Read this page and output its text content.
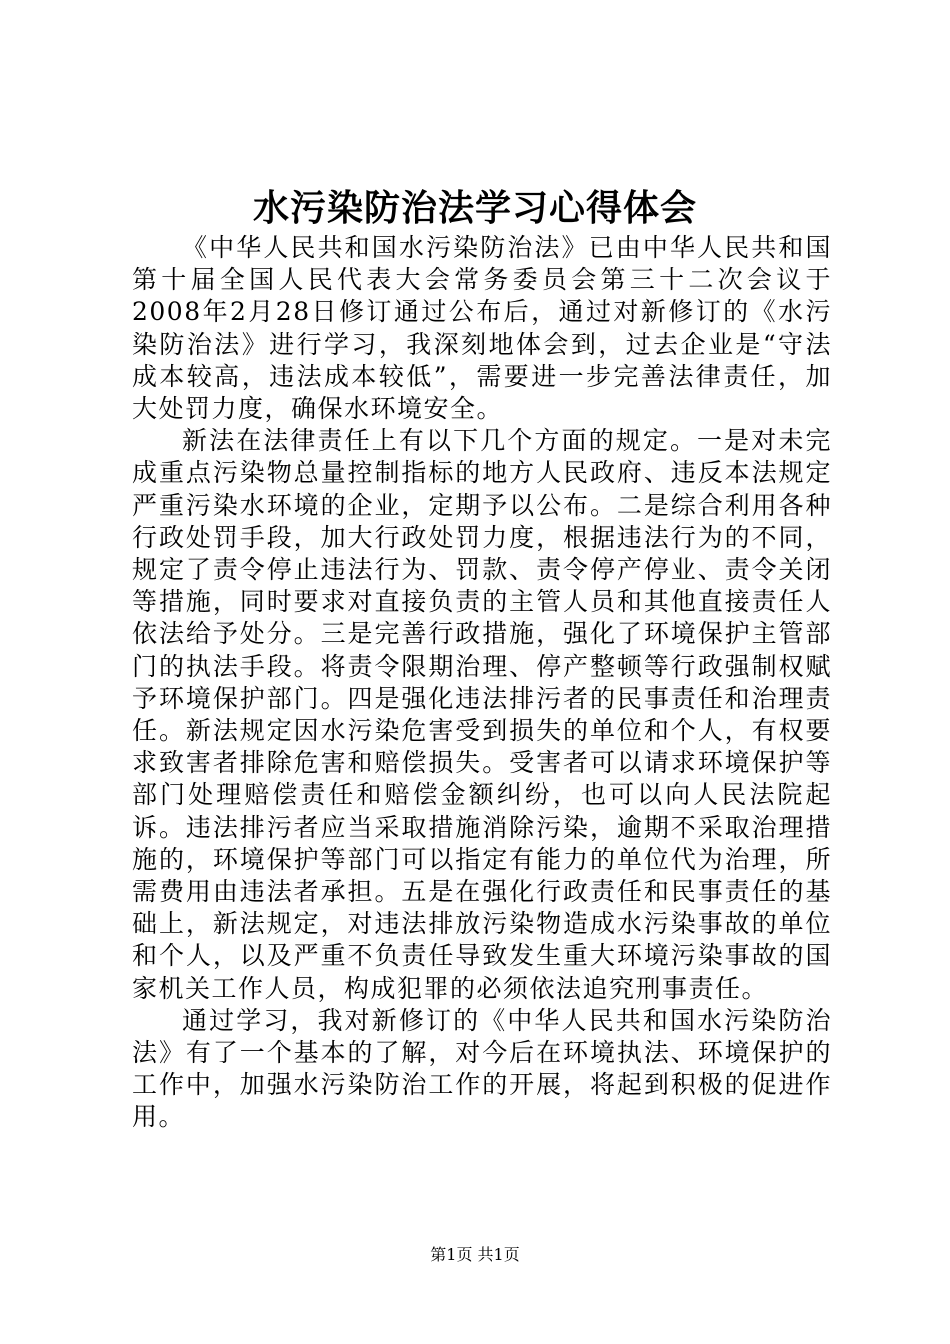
水污染防治法学习心得体会

《中华人民共和国水污染防治法》已由中华人民共和国第十届全国人民代表大会常务委员会第三十二次会议于2008年2月28日修订通过公布后，通过对新修订的《水污染防治法》进行学习，我深刻地体会到，过去企业是“守法成本较高，违法成本较低”，需要进一步完善法律责任，加大处罚力度，确保水环境安全。

新法在法律责任上有以下几个方面的规定。一是对未完成重点污染物总量控制指标的地方人民政府、违反本法规定严重污染水环境的企业，定期予以公布。二是综合利用各种行政处罚手段，加大行政处罚力度，根据违法行为的不同，规定了责令停止违法行为、罚款、责令停产停业、责令关闭等措施，同时要求对直接负责的主管人员和其他直接责任人依法给予处分。三是完善行政措施，强化了环境保护主管部门的执法手段。将责令限期治理、停产整顿等行政强制权赋予环境保护部门。四是强化违法排污者的民事责任和治理责任。新法规定因水污染危害受到损失的单位和个人，有权要求致害者排除危害和赔偿损失。受害者可以请求环境保护等部门处理赔偿责任和赔偿金额纠纷，也可以向人民法院起诉。违法排污者应当采取措施消除污染，逾期不采取治理措施的，环境保护等部门可以指定有能力的单位代为治理，所需费用由违法者承担。五是在强化行政责任和民事责任的基础上，新法规定，对违法排放污染物造成水污染事故的单位和个人，以及严重不负责任导致发生重大环境污染事故的国家机关工作人员，构成犯罪的必须依法追究刑事责任。

通过学习，我对新修订的《中华人民共和国水污染防治法》有了一个基本的了解，对今后在环境执法、环境保护的工作中，加强水污染防治工作的开展，将起到积极的促进作用。

第1页 共1页
